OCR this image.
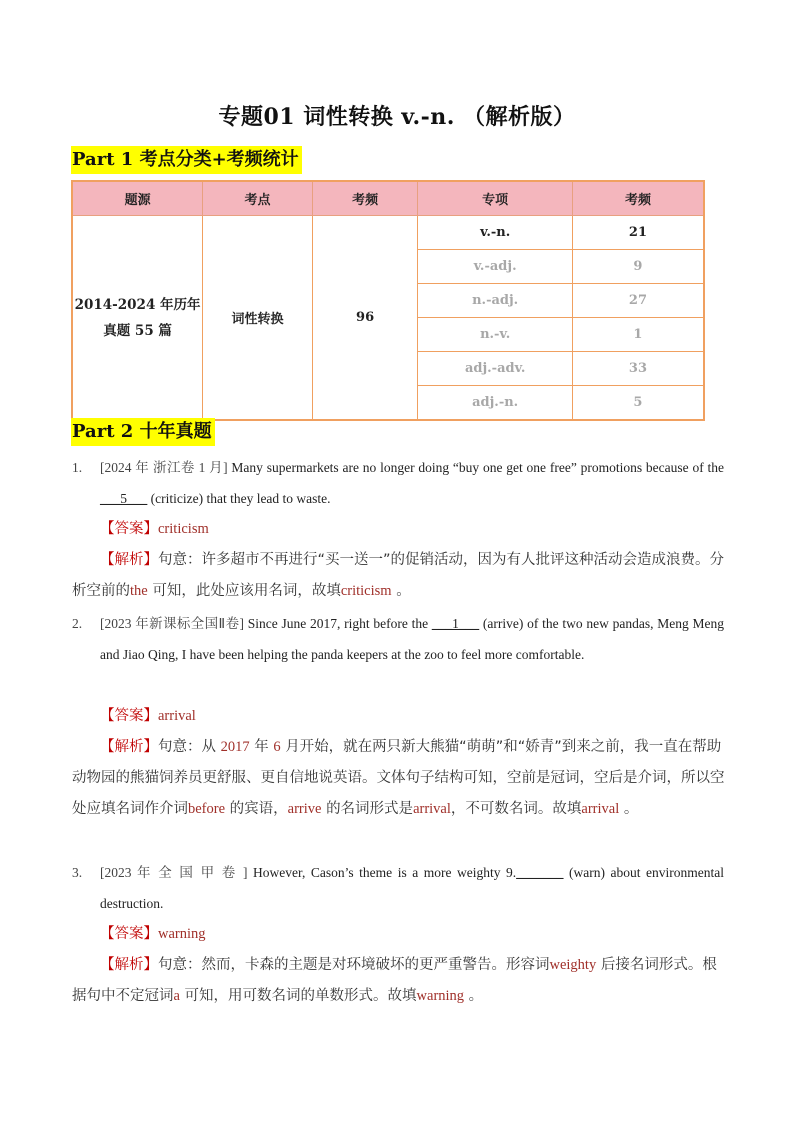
专题01 词性转换 v.-n. （解析版）
Part 1 考点分类+考频统计
题源	考点	考频	专项	考频
2014-2024 年历年真题 55 篇	词性转换	96	v.-n.	21
			v.-adj.	9
			n.-adj.	27
			n.-v.	1
			adj.-adv.	33
			adj.-n.	5
Part 2 十年真题
1.	[2024 年 浙江卷 1 月] Many supermarkets are no longer doing “buy one get one free” promotions because of the ___5___ (criticize) that they lead to waste.
【答案】criticism
【解析】句意：许多超市不再进行“买一送一”的促销活动，因为有人批评这种活动会造成浪费。分析空前的the 可知，此处应该用名词，故填criticism 。
2.	[2023 年新课标全国Ⅱ卷] Since June 2017, right before the ___1___ (arrive) of the two new pandas, Meng Meng and Jiao Qing, I have been helping the panda keepers at the zoo to feel more comfortable.
【答案】arrival
【解析】句意：从 2017 年 6 月开始，就在两只新大熊猫“萌萌”和“娇青”到来之前，我一直在帮助动物园的熊猫饲养员更舒服、更自信地说英语。文体句子结构可知，空前是冠词，空后是介词，所以空处应填名词作介词before 的宾语，arrive 的名词形式是arrival，不可数名词。故填arrival 。
3.	[2023 年 全 国 甲 卷 ] However, Cason’s theme is a more weighty 9._______ (warn) about environmental destruction.
【答案】warning
【解析】句意：然而，卡森的主题是对环境破坏的更严重警告。形容词weighty 后接名词形式。根据句中不定冠词a 可知，用可数名词的单数形式。故填warning 。
